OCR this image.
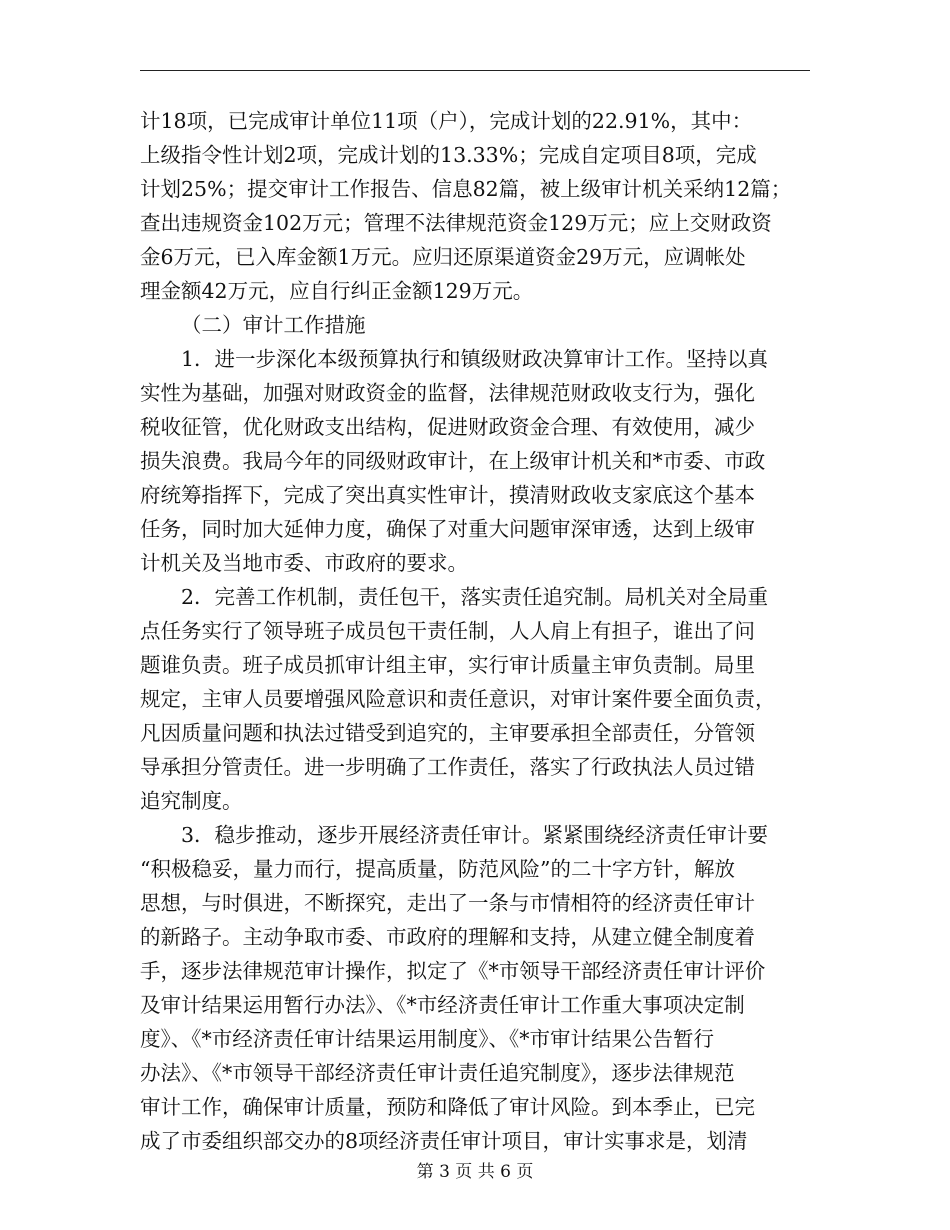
计18项，已完成审计单位11项（户），完成计划的22.91%，其中：
上级指令性计划2项，完成计划的13.33%；完成自定项目8项，完成
计划25%；提交审计工作报告、信息82篇，被上级审计机关采纳12篇；
查出违规资金102万元；管理不法律规范资金129万元；应上交财政资
金6万元，已入库金额1万元。应归还原渠道资金29万元，应调帐处
理金额42万元，应自行纠正金额129万元。
（二）审计工作措施
1．进一步深化本级预算执行和镇级财政决算审计工作。坚持以真
实性为基础，加强对财政资金的监督，法律规范财政收支行为，强化
税收征管，优化财政支出结构，促进财政资金合理、有效使用，减少
损失浪费。我局今年的同级财政审计，在上级审计机关和*市委、市政
府统筹指挥下，完成了突出真实性审计，摸清财政收支家底这个基本
任务，同时加大延伸力度，确保了对重大问题审深审透，达到上级审
计机关及当地市委、市政府的要求。
2．完善工作机制，责任包干，落实责任追究制。局机关对全局重
点任务实行了领导班子成员包干责任制，人人肩上有担子，谁出了问
题谁负责。班子成员抓审计组主审，实行审计质量主审负责制。局里
规定，主审人员要增强风险意识和责任意识，对审计案件要全面负责，
凡因质量问题和执法过错受到追究的，主审要承担全部责任，分管领
导承担分管责任。进一步明确了工作责任，落实了行政执法人员过错
追究制度。
3．稳步推动，逐步开展经济责任审计。紧紧围绕经济责任审计要
“积极稳妥，量力而行，提高质量，防范风险”的二十字方针，解放
思想，与时俱进，不断探究，走出了一条与市情相符的经济责任审计
的新路子。主动争取市委、市政府的理解和支持，从建立健全制度着
手，逐步法律规范审计操作，拟定了《*市领导干部经济责任审计评价
及审计结果运用暂行办法》、《*市经济责任审计工作重大事项决定制
度》、《*市经济责任审计结果运用制度》、《*市审计结果公告暂行
办法》、《*市领导干部经济责任审计责任追究制度》，逐步法律规范
审计工作，确保审计质量，预防和降低了审计风险。到本季止，已完
成了市委组织部交办的8项经济责任审计项目，审计实事求是，划清
第 3 页 共 6 页
